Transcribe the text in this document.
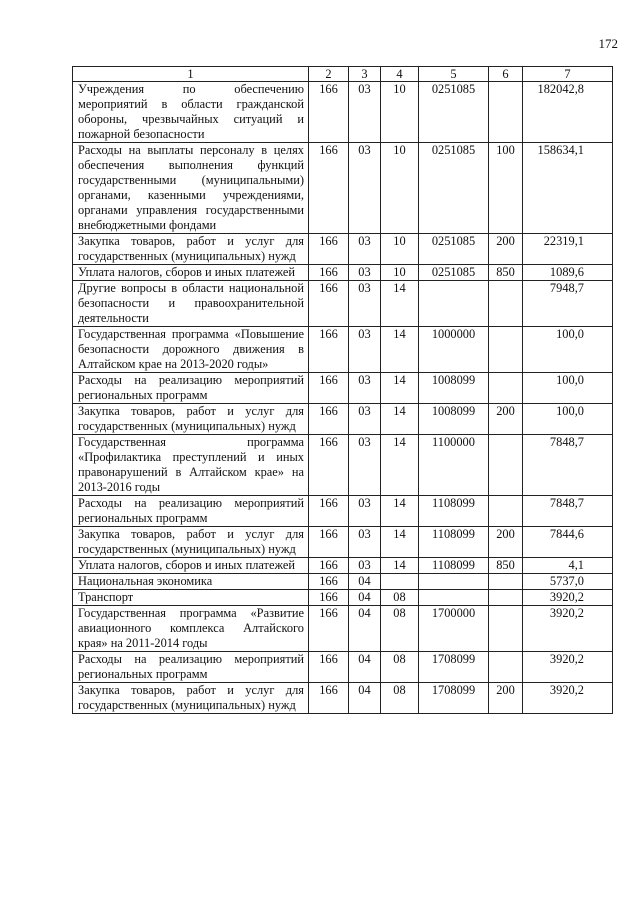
172
1	2	3	4	5	6	7
Учреждения по обеспечению мероприятий в области гражданской обороны, чрезвычайных ситуаций и пожарной безопасности	166	03	10	0251085		182042,8
Расходы на выплаты персоналу в целях обеспечения выполнения функций государственными (муниципальными) органами, казенными учреждениями, органами управления государственными внебюджетными фондами	166	03	10	0251085	100	158634,1
Закупка товаров, работ и услуг для государственных (муниципальных) нужд	166	03	10	0251085	200	22319,1
Уплата налогов, сборов и иных платежей	166	03	10	0251085	850	1089,6
Другие вопросы в области национальной безопасности и правоохранительной деятельности	166	03	14			7948,7
Государственная программа «Повышение безопасности дорожного движения в Алтайском крае на 2013-2020 годы»	166	03	14	1000000		100,0
Расходы на реализацию мероприятий региональных программ	166	03	14	1008099		100,0
Закупка товаров, работ и услуг для государственных (муниципальных) нужд	166	03	14	1008099	200	100,0
Государственная программа «Профилактика преступлений и иных правонарушений в Алтайском крае» на 2013-2016 годы	166	03	14	1100000		7848,7
Расходы на реализацию мероприятий региональных программ	166	03	14	1108099		7848,7
Закупка товаров, работ и услуг для государственных (муниципальных) нужд	166	03	14	1108099	200	7844,6
Уплата налогов, сборов и иных платежей	166	03	14	1108099	850	4,1
Национальная экономика	166	04				5737,0
Транспорт	166	04	08			3920,2
Государственная программа «Развитие авиационного комплекса Алтайского края» на 2011-2014 годы	166	04	08	1700000		3920,2
Расходы на реализацию мероприятий региональных программ	166	04	08	1708099		3920,2
Закупка товаров, работ и услуг для государственных (муниципальных) нужд	166	04	08	1708099	200	3920,2
